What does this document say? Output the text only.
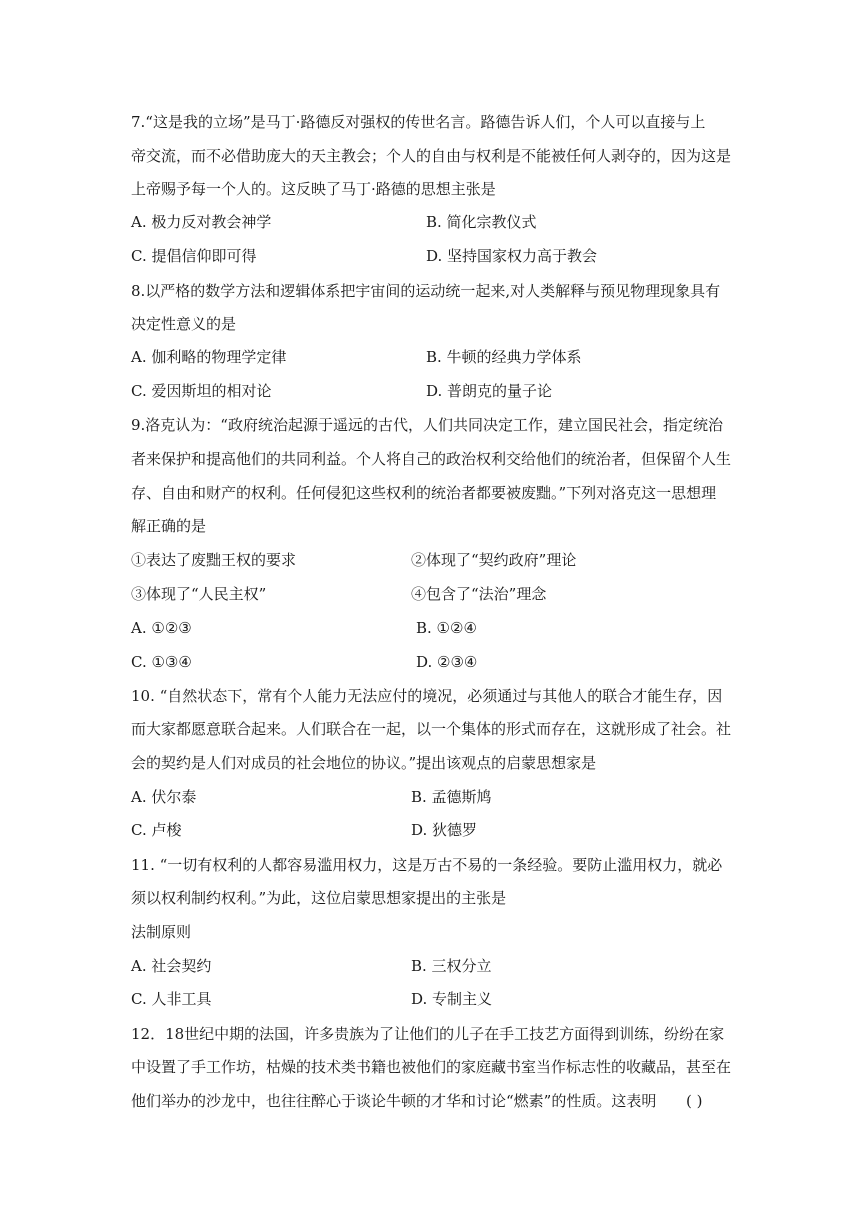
7.“这是我的立场”是马丁·路德反对强权的传世名言。路德告诉人们，个人可以直接与上
帝交流，而不必借助庞大的天主教会；个人的自由与权利是不能被任何人剥夺的，因为这是
上帝赐予每一个人的。这反映了马丁·路德的思想主张是
A. 极力反对教会神学	B. 简化宗教仪式
C. 提倡信仰即可得	D. 坚持国家权力高于教会
8.以严格的数学方法和逻辑体系把宇宙间的运动统一起来,对人类解释与预见物理现象具有
决定性意义的是
A. 伽利略的物理学定律	B. 牛顿的经典力学体系
C. 爱因斯坦的相对论	D. 普朗克的量子论
9.洛克认为：“政府统治起源于遥远的古代，人们共同决定工作，建立国民社会，指定统治
者来保护和提高他们的共同利益。个人将自己的政治权利交给他们的统治者，但保留个人生
存、自由和财产的权利。任何侵犯这些权利的统治者都要被废黜。”下列对洛克这一思想理
解正确的是
①表达了废黜王权的要求	②体现了“契约政府”理论
③体现了“人民主权”	④包含了“法治”理念
A. ①②③	B. ①②④
C. ①③④	D. ②③④
10. “自然状态下，常有个人能力无法应付的境况，必须通过与其他人的联合才能生存，因
而大家都愿意联合起来。人们联合在一起，以一个集体的形式而存在，这就形成了社会。社
会的契约是人们对成员的社会地位的协议。”提出该观点的启蒙思想家是
A. 伏尔泰	B. 孟德斯鸠
C. 卢梭	D. 狄德罗
11. “一切有权利的人都容易滥用权力，这是万古不易的一条经验。要防止滥用权力，就必
须以权利制约权利。”为此，这位启蒙思想家提出的主张是
法制原则
A. 社会契约	B. 三权分立
C. 人非工具	D. 专制主义
12．18世纪中期的法国，许多贵族为了让他们的儿子在手工技艺方面得到训练，纷纷在家
中设置了手工作坊，枯燥的技术类书籍也被他们的家庭藏书室当作标志性的收藏品，甚至在
他们举办的沙龙中，也往往醉心于谈论牛顿的才华和讨论“燃素”的性质。这表明 ( )
